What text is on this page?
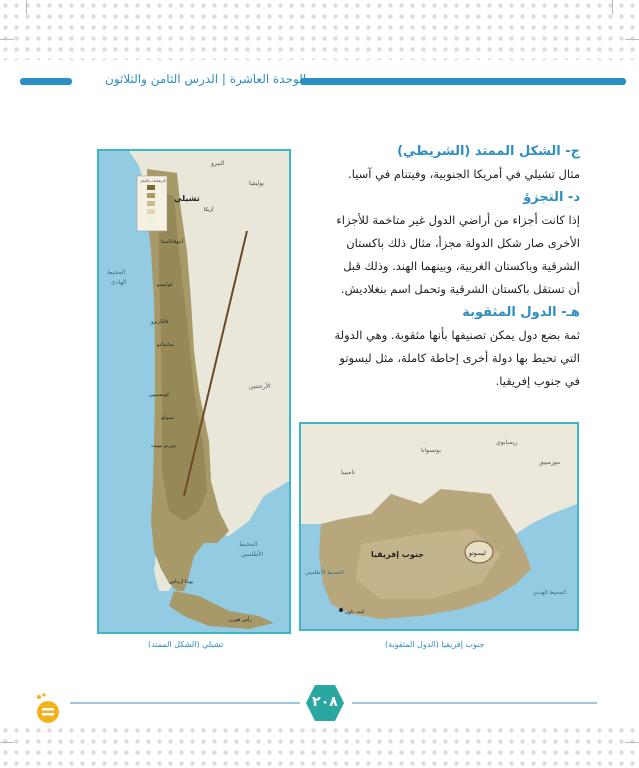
الوحدة العاشرة | الدرس الثامن والثلاثون

ج- الشكل الممتد (الشريطي)

مثال تشيلي في أمريكا الجنوبية، وفيتنام في آسيا.

د- التجزؤ

إذا كانت أجزاء من أراضي الدول غير متاخمة للأجزاء الأخرى صار شكل الدولة مجزأ، مثال ذلك باكستان الشرقية وباكستان الغربية، وبينهما الهند. وذلك قبل أن تستقل باكستان الشرقية وتحمل اسم بنغلاديش.

هـ- الدول المثقوبة

ثمة بضع دول يمكن تصنيفها بأنها مثقوبة. وهي الدولة التي تحيط بها دولة أخرى إحاطة كاملة، مثل ليسوتو في جنوب إفريقيا.

الارتفاعات بالأمتار
البيرو
بوليفيا
تشيلي
أريكا
أنتوفاغاستا
المحيط
الهادئ	كوكيمبو
فالباريزو
سانتياغو
الأرجنتين
كونسبيون
تيموكو
بويرتو مونت
المحيط
الأطلسي
بونتا أريناس
رأس هورن
تشيلي (الشكل الممتد)
بوتسوانا
ناميبيا
زيمبابوي
موزمبيق
جنوب إفريقيا	ليسوتو
المحيط الأطلسي
المحيط الهندي
كيب تاون
جنوب إفريقيا (الدول المثقوبة)
٢٠٨
